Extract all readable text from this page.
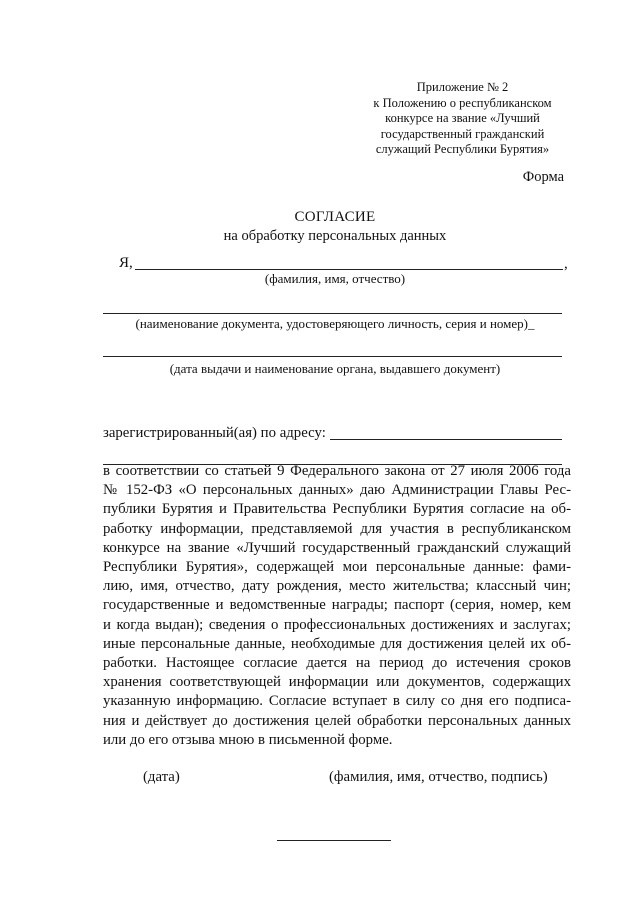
Приложение № 2
к Положению о республиканском
конкурсе на звание «Лучший
государственный гражданский
служащий Республики Бурятия»
Форма
СОГЛАСИЕ
на обработку персональных данных
Я,	,
(фамилия, имя, отчество)
(наименование документа, удостоверяющего личность, серия и номер)_
(дата выдачи и наименование органа, выдавшего документ)
зарегистрированный(ая) по адресу:
в соответствии со статьей 9 Федерального закона от 27 июля 2006 года
№ 152-ФЗ «О персональных данных» даю Администрации Главы Рес-
публики Бурятия и Правительства Республики Бурятия согласие на об-
работку информации, представляемой для участия в республиканском
конкурсе на звание «Лучший государственный гражданский служащий
Республики Бурятия», содержащей мои персональные данные: фами-
лию, имя, отчество, дату рождения, место жительства; классный чин;
государственные и ведомственные награды; паспорт (серия, номер, кем
и когда выдан); сведения о профессиональных достижениях и заслугах;
иные персональные данные, необходимые для достижения целей их об-
работки. Настоящее согласие дается на период до истечения сроков
хранения соответствующей информации или документов, содержащих
указанную информацию. Согласие вступает в силу со дня его подписа-
ния и действует до достижения целей обработки персональных данных
или до его отзыва мною в письменной форме.
(дата)	(фамилия, имя, отчество, подпись)
